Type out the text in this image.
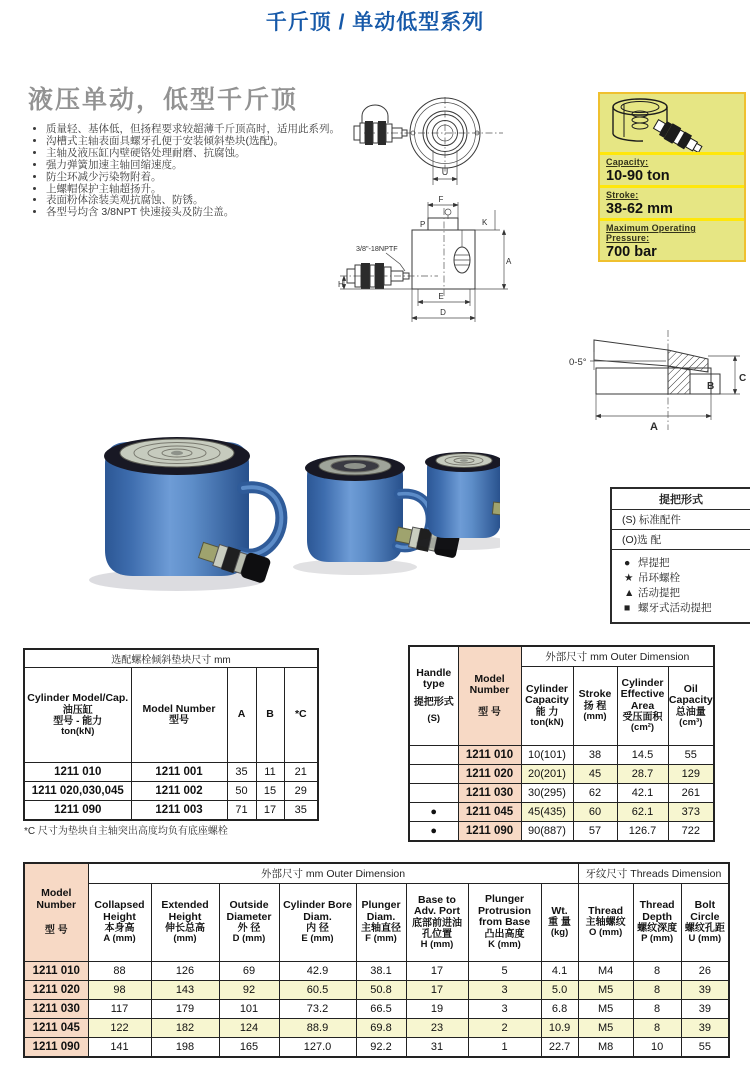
千斤顶 / 单动低型系列
液压单动，低型千斤顶
• 质量轻、基体低，但扬程要求较超薄千斤顶高时，适用此系列。
• 沟槽式主轴表面具螺牙孔便于安装倾斜垫块(选配)。
• 主轴及液压缸内壁硬铬处理耐磨、抗腐蚀。
• 强力弹簧加速主轴回缩速度。
• 防尘环减少污染物附着。
• 上螺帽保护主轴超扬升。
• 表面粉体涂装美观抗腐蚀、防锈。
• 各型号均含 3/8NPT 快速接头及防尘盖。
U
Capacity:
10-90 ton
Stroke:
38-62 mm
Maximum Operating Pressure:
700 bar
F
P	K
A
3/8"-18NPTF
H
E
D
0-5°
C
B
A
提把形式
(S) 标准配件
(O)选 配
● 焊提把
★ 吊环螺栓
▲ 活动提把
■ 螺牙式活动提把
选配螺栓倾斜垫块尺寸 mm				

Cylinder Model/Cap.
油压缸
型号 - 能力
ton(kN)	Model Number
型号	A	B	*C

1211 010	1211 001	35	11	21
1211 020,030,045	1211 002	50	15	29
1211 090	1211 003	71	17	35
*C 尺寸为垫块自主轴突出高度均负有底座螺栓
Handle type
提把形式
(S)	Model Number
型 号	外部尺寸 mm Outer Dimension			

		Cylinder Capacity
能 力
ton(kN)	Stroke
扬 程
(mm)	Cylinder Effective Area
受压面积
(cm²)	Oil Capacity
总油量
(cm³)

	1211 010	10(101)	38	14.5	55
	1211 020	20(201)	45	28.7	129
	1211 030	30(295)	62	42.1	261
●	1211 045	45(435)	60	62.1	373
●	1211 090	90(887)	57	126.7	722
Model Number
型 号	外部尺寸 mm Outer Dimension								牙纹尺寸 Threads Dimension		

	Collapsed Height
本身高
A (mm)	Extended Height
伸长总高
(mm)	Outside Diameter
外 径
D (mm)	Cylinder Bore Diam.
内 径
E (mm)	Plunger Diam.
主轴直径
F (mm)	Base to Adv. Port
底部前进油孔位置
H (mm)	Plunger Protrusion from Base
凸出高度
K (mm)	Wt.
重 量
(kg)	Thread
主轴螺纹
O (mm)	Thread Depth
螺纹深度
P (mm)	Bolt Circle
螺纹孔距
U (mm)

1211 010	88	126	69	42.9	38.1	17	5	4.1	M4	8	26
1211 020	98	143	92	60.5	50.8	17	3	5.0	M5	8	39
1211 030	117	179	101	73.2	66.5	19	3	6.8	M5	8	39
1211 045	122	182	124	88.9	69.8	23	2	10.9	M5	8	39
1211 090	141	198	165	127.0	92.2	31	1	22.7	M8	10	55
